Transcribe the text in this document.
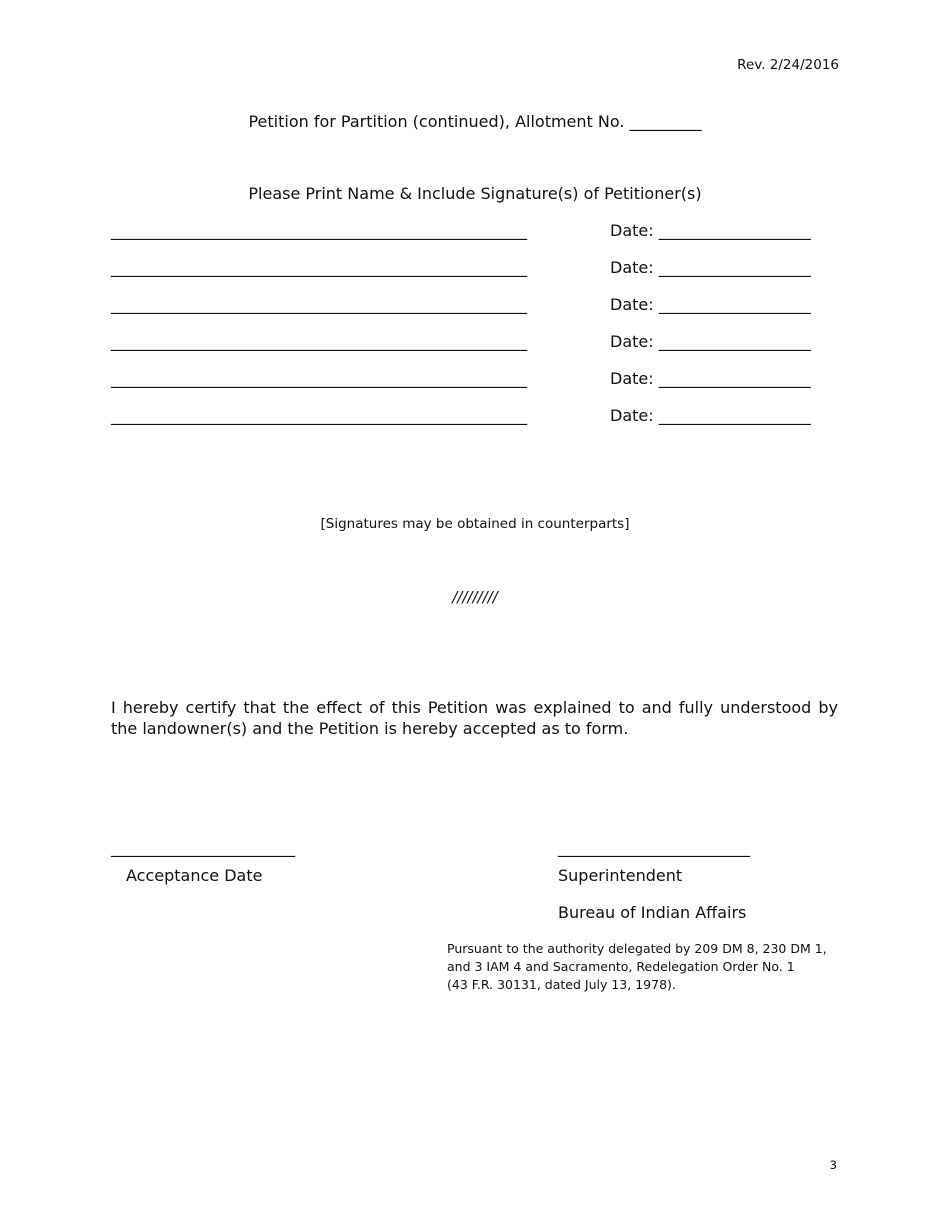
Rev. 2/24/2016
Petition for Partition (continued), Allotment No. _________
Please Print Name & Include Signature(s) of Petitioner(s)
____________________________________________________	Date: ___________________
____________________________________________________	Date: ___________________
____________________________________________________	Date: ___________________
____________________________________________________	Date: ___________________
____________________________________________________	Date: ___________________
____________________________________________________	Date: ___________________
[Signatures may be obtained in counterparts]
/////////
I hereby certify that the effect of this Petition was explained to and fully understood by the landowner(s) and the Petition is hereby accepted as to form.
_______________________	________________________
Acceptance Date	Superintendent
Bureau of Indian Affairs
Pursuant to the authority delegated by 209 DM 8, 230 DM 1,
and 3 IAM 4 and Sacramento, Redelegation Order No. 1
(43 F.R. 30131, dated July 13, 1978).
3
